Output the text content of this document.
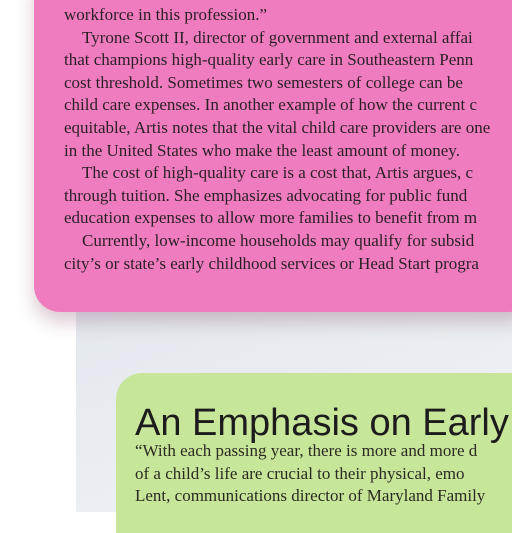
workforce in this profession.”
Tyrone Scott II, director of government and external affai
that champions high-quality early care in Southeastern Penn
cost threshold. Sometimes two semesters of college can be
child care expenses. In another example of how the current c
equitable, Artis notes that the vital child care providers are one
in the United States who make the least amount of money.
The cost of high-quality care is a cost that, Artis argues, c
through tuition. She emphasizes advocating for public fund
education expenses to allow more families to benefit from m
Currently, low-income households may qualify for subsid
city’s or state’s early childhood services or Head Start progra
An Emphasis on Early
“With each passing year, there is more and more d
of a child’s life are crucial to their physical, emo
Lent, communications director of Maryland Family
